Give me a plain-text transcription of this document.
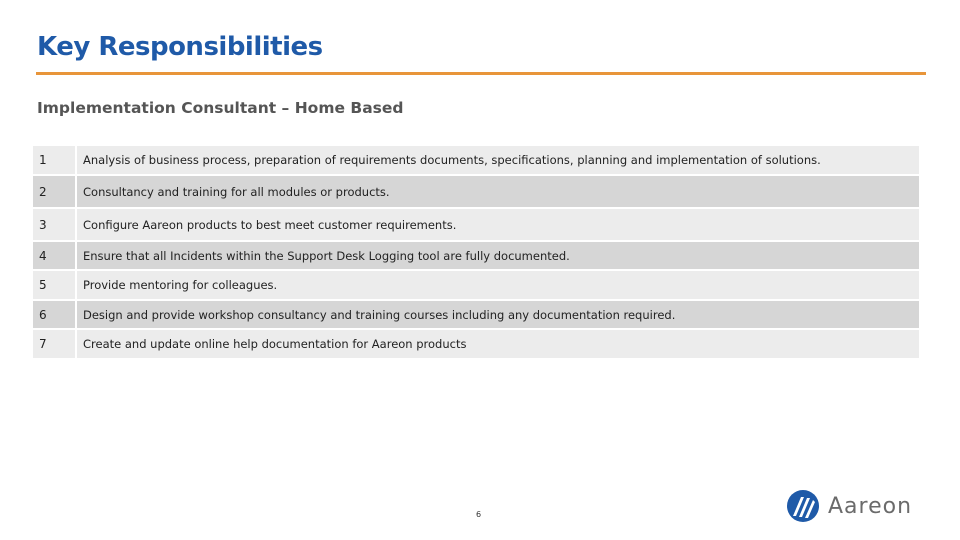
Key Responsibilities
Implementation Consultant – Home Based
1	Analysis of business process, preparation of requirements documents, specifications, planning and implementation of solutions.
2	Consultancy and training for all modules or products.
3	Configure Aareon products to best meet customer requirements.
4	Ensure that all Incidents within the Support Desk Logging tool are fully documented.
5	Provide mentoring for colleagues.
6	Design and provide workshop consultancy and training courses including any documentation required.
7	Create and update online help documentation for Aareon products
6	Aareon
